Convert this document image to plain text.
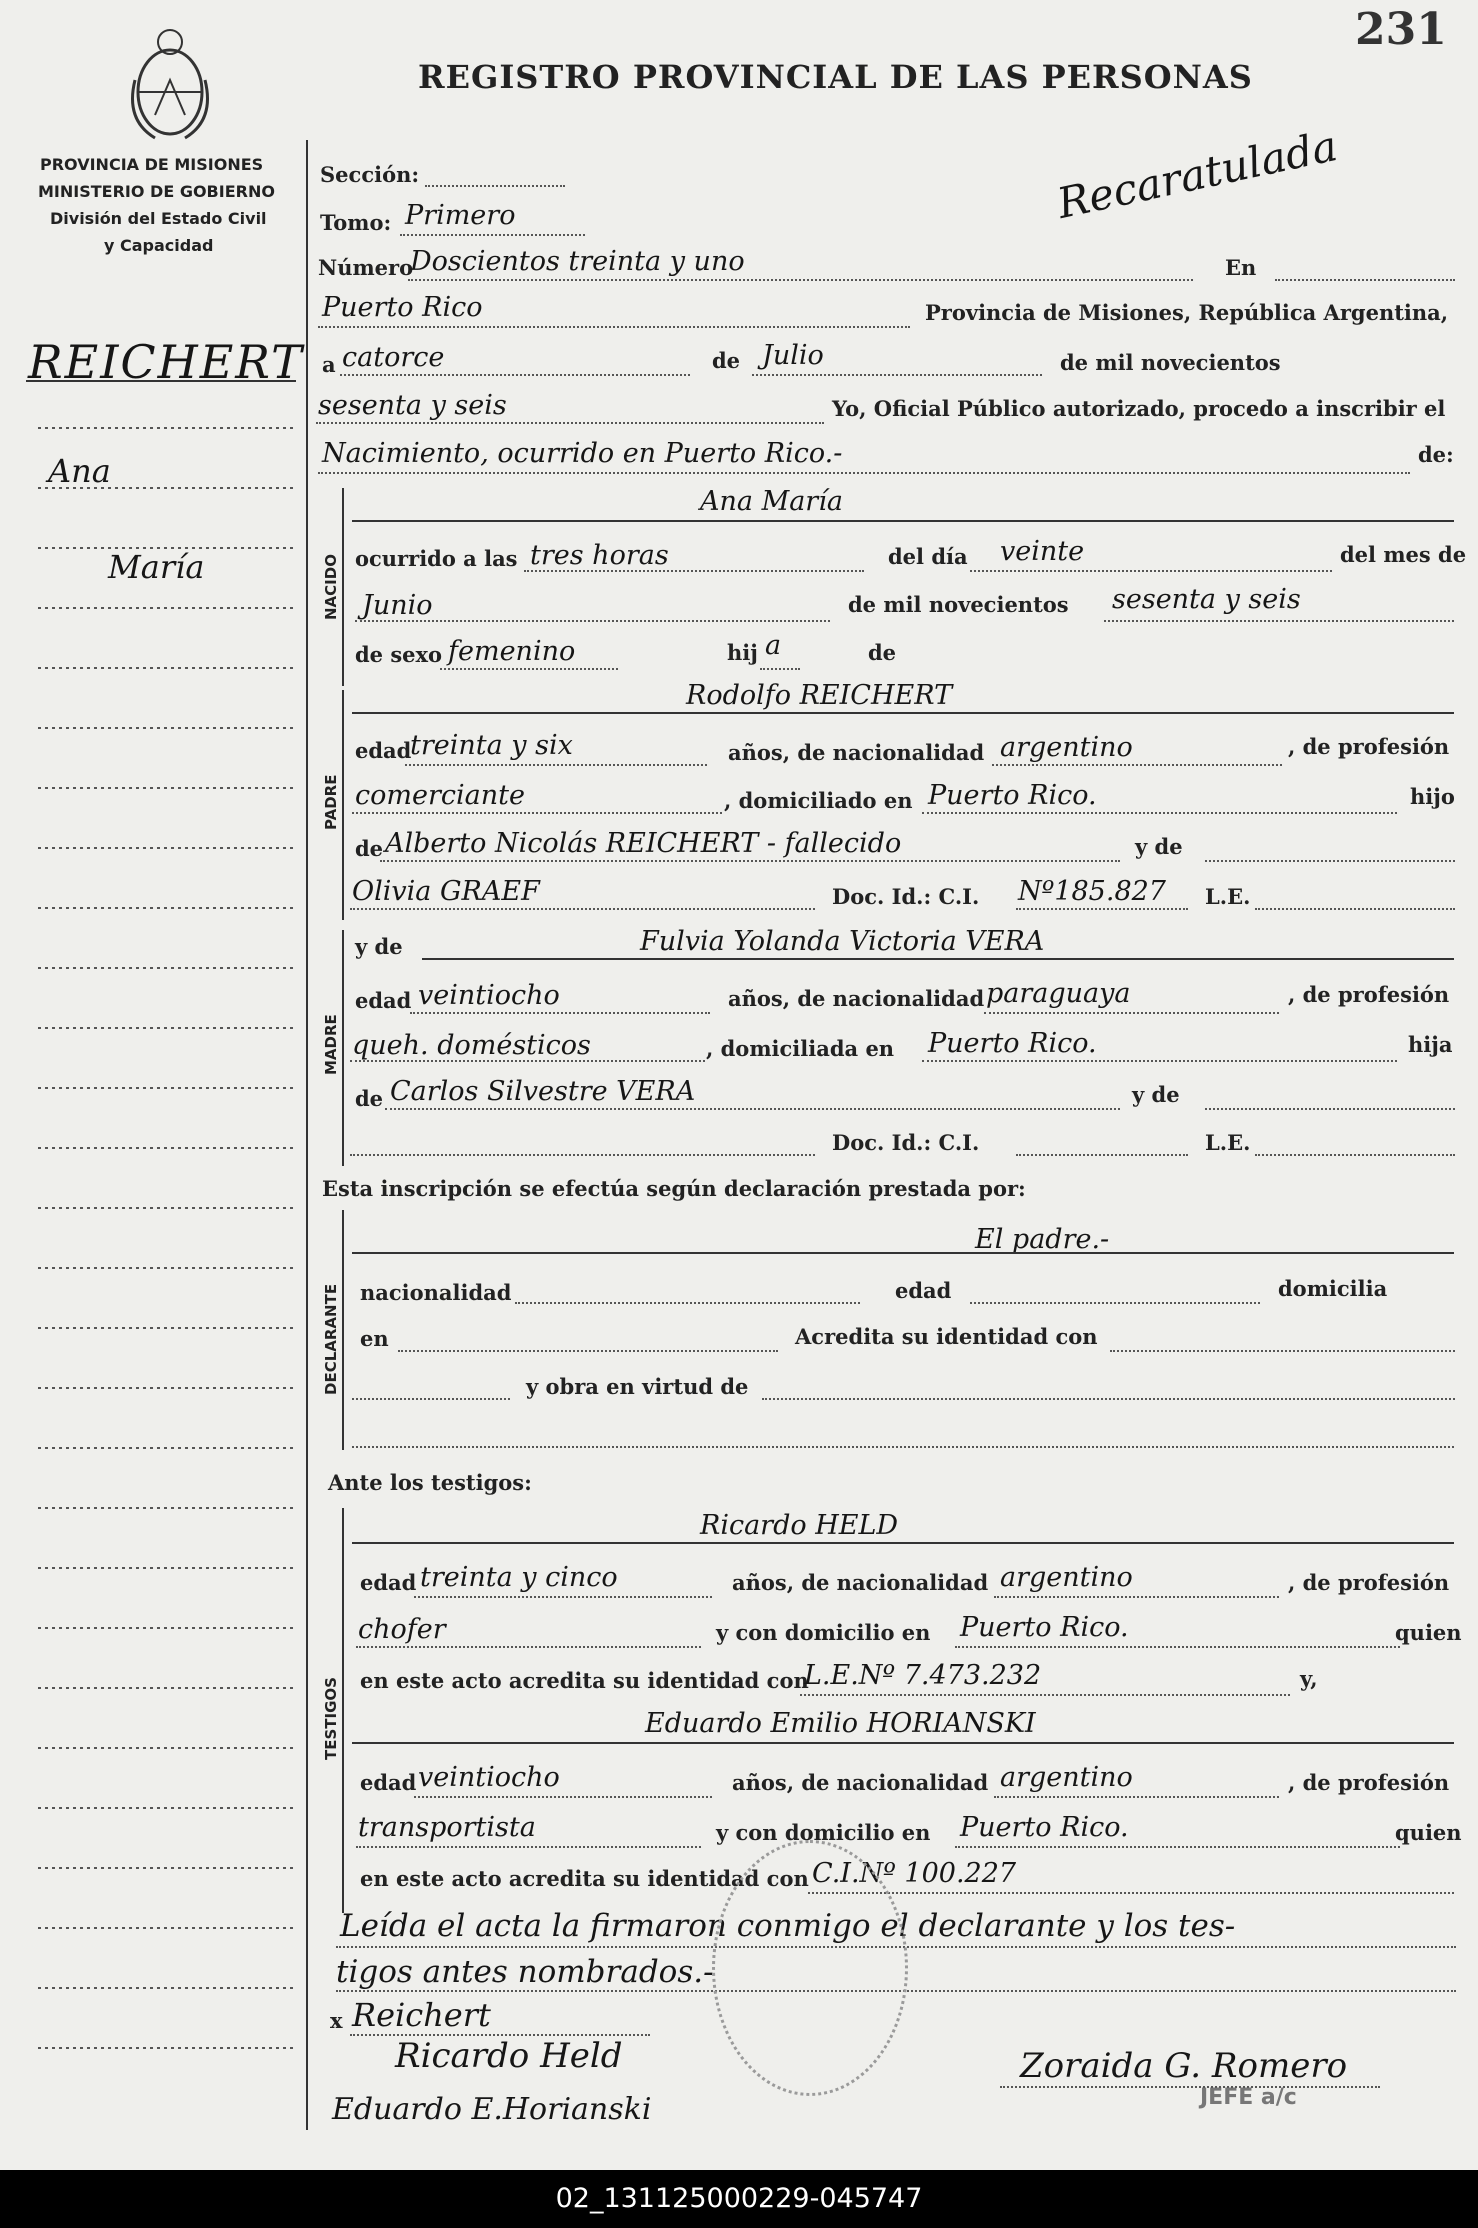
231
REGISTRO PROVINCIAL DE LAS PERSONAS
PROVINCIA DE MISIONES
MINISTERIO DE GOBIERNO
División del Estado Civil
y Capacidad
Recaratulada
REICHERT
Ana
María
Sección:
Tomo: Primero
Número
Doscientos treinta y uno	En
Puerto Rico	Provincia de Misiones, República Argentina,
a catorce	de Julio	de mil novecientos
sesenta y seis	Yo, Oficial Público autorizado, procedo a inscribir el
Nacimiento, ocurrido en Puerto Rico.-	de:
NACIDO
Ana María
ocurrido a las tres horas	del día veinte	del mes de
Junio	de mil novecientos sesenta y seis
de sexo femenino	hij a	de
PADRE
Rodolfo REICHERT
edad
treinta y six	años, de nacionalidad argentino	, de profesión
comerciante	, domiciliado en Puerto Rico.	hijo
de Alberto Nicolás REICHERT - fallecido	y de
Olivia GRAEF	Doc. Id.: C.I. Nº185.827 L.E.
MADRE
y de	Fulvia Yolanda Victoria VERA
edad veintiocho	años, de nacionalidad paraguaya	, de profesión
queh. domésticos	, domiciliada en Puerto Rico.	hija
de Carlos Silvestre VERA	y de
Doc. Id.: C.I.	L.E.
Esta inscripción se efectúa según declaración prestada por:
DECLARANTE
El padre.-
nacionalidad	edad	domicilia
en	Acredita su identidad con
y obra en virtud de
Ante los testigos:
TESTIGOS
Ricardo HELD
edad treinta y cinco	años, de nacionalidad argentino	, de profesión
chofer	y con domicilio en Puerto Rico.	quien
en este acto acredita su identidad con
L.E.Nº 7.473.232	y,
Eduardo Emilio HORIANSKI
edad veintiocho	años, de nacionalidad argentino	, de profesión
transportista	y con domicilio en Puerto Rico.	quien
en este acto acredita su identidad con C.I.Nº 100.227
Leída el acta la firmaron conmigo el declarante y los tes-
tigos antes nombrados.-
JEFE a/c
x Reichert
Ricardo Held
Eduardo E.Horianski
Zoraida G. Romero
02_131125000229-045747
